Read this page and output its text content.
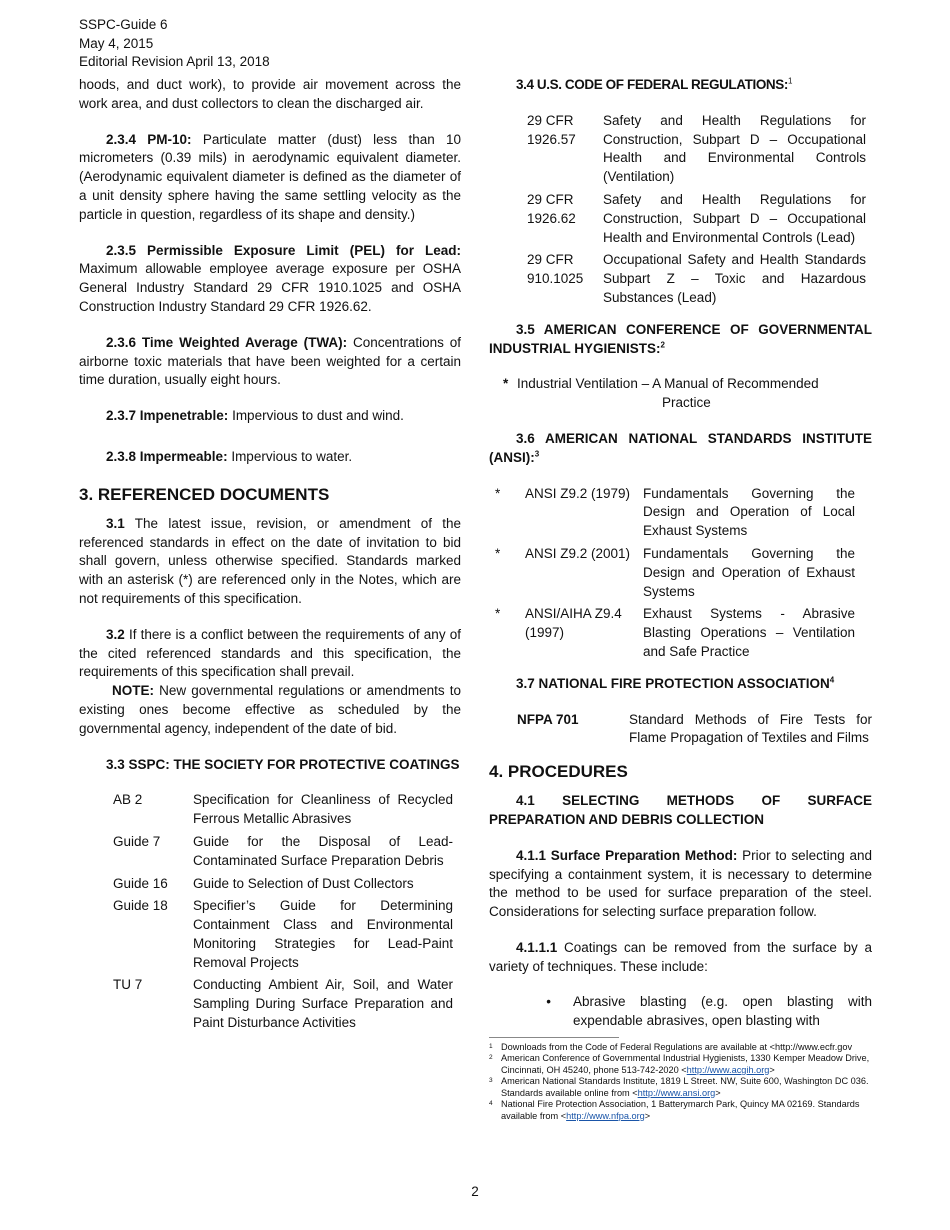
SSPC-Guide 6
May 4, 2015
Editorial Revision April 13, 2018

hoods, and duct work), to provide air movement across the work area, and dust collectors to clean the discharged air.

2.3.4 PM-10: Particulate matter (dust) less than 10 micrometers (0.39 mils) in aerodynamic equivalent diameter. (Aerodynamic equivalent diameter is defined as the diameter of a unit density sphere having the same settling velocity as the particle in question, regardless of its shape and density.)

2.3.5 Permissible Exposure Limit (PEL) for Lead: Maximum allowable employee average exposure per OSHA General Industry Standard 29 CFR 1910.1025 and OSHA Construction Industry Standard 29 CFR 1926.62.

2.3.6 Time Weighted Average (TWA): Concentrations of airborne toxic materials that have been weighted for a certain time duration, usually eight hours.

2.3.7 Impenetrable: Impervious to dust and wind.

2.3.8 Impermeable: Impervious to water.

3. REFERENCED DOCUMENTS

3.1 The latest issue, revision, or amendment of the referenced standards in effect on the date of invitation to bid shall govern, unless otherwise specified. Standards marked with an asterisk (*) are referenced only in the Notes, which are not requirements of this specification.

3.2 If there is a conflict between the requirements of any of the cited referenced standards and this specification, the requirements of this specification shall prevail.

NOTE: New governmental regulations or amendments to existing ones become effective as scheduled by the governmental agency, independent of the date of bid.

3.3 SSPC: THE SOCIETY FOR PROTECTIVE COATINGS

AB 2	Specification for Cleanliness of Recycled Ferrous Metallic Abrasives
Guide 7	Guide for the Disposal of Lead-Contaminated Surface Preparation Debris
Guide 16	Guide to Selection of Dust Collectors
Guide 18	Specifier’s Guide for Determining Containment Class and Environmental Monitoring Strategies for Lead-Paint Removal Projects
TU 7	Conducting Ambient Air, Soil, and Water Sampling During Surface Preparation and Paint Disturbance Activities

3.4 U.S. CODE OF FEDERAL REGULATIONS:$^1$

29 CFR 1926.57	Safety and Health Regulations for Construction, Subpart D – Occupational Health and Environmental Controls (Ventilation)
29 CFR 1926.62	Safety and Health Regulations for Construction, Subpart D – Occupational Health and Environmental Controls (Lead)
29 CFR 910.1025	Occupational Safety and Health Standards Subpart Z – Toxic and Hazardous Substances (Lead)

3.5 AMERICAN CONFERENCE OF GOVERNMENTAL INDUSTRIAL HYGIENISTS:$^2$

* Industrial Ventilation – A Manual of Recommended
Practice

3.6 AMERICAN NATIONAL STANDARDS INSTITUTE (ANSI):$^3$

*	ANSI Z9.2 (1979)	Fundamentals Governing the Design and Operation of Local Exhaust Systems
*	ANSI Z9.2 (2001)	Fundamentals Governing the Design and Operation of Exhaust Systems
*	ANSI/AIHA Z9.4 (1997)	Exhaust Systems - Abrasive Blasting Operations – Ventilation and Safe Practice

3.7 NATIONAL FIRE PROTECTION ASSOCIATION$^4$

NFPA 701	Standard Methods of Fire Tests for Flame Propagation of Textiles and Films
4. PROCEDURES

4.1 SELECTING METHODS OF SURFACE PREPARATION AND DEBRIS COLLECTION

4.1.1 Surface Preparation Method: Prior to selecting and specifying a containment system, it is necessary to determine the method to be used for surface preparation of the steel. Considerations for selecting surface preparation follow.

4.1.1.1 Coatings can be removed from the surface by a variety of techniques. These include:

•	Abrasive blasting (e.g. open blasting with expendable abrasives, open blasting with

1 Downloads from the Code of Federal Regulations are available at <http://www.ecfr.gov
2 American Conference of Governmental Industrial Hygienists, 1330 Kemper Meadow Drive, Cincinnati, OH 45240, phone 513-742-2020 <http://www.acgih.org>
3 American National Standards Institute, 1819 L Street. NW, Suite 600, Washington DC 036. Standards available online from <http://www.ansi.org>
4 National Fire Protection Association, 1 Batterymarch Park, Quincy MA 02169. Standards available from <http://www.nfpa.org>
2
